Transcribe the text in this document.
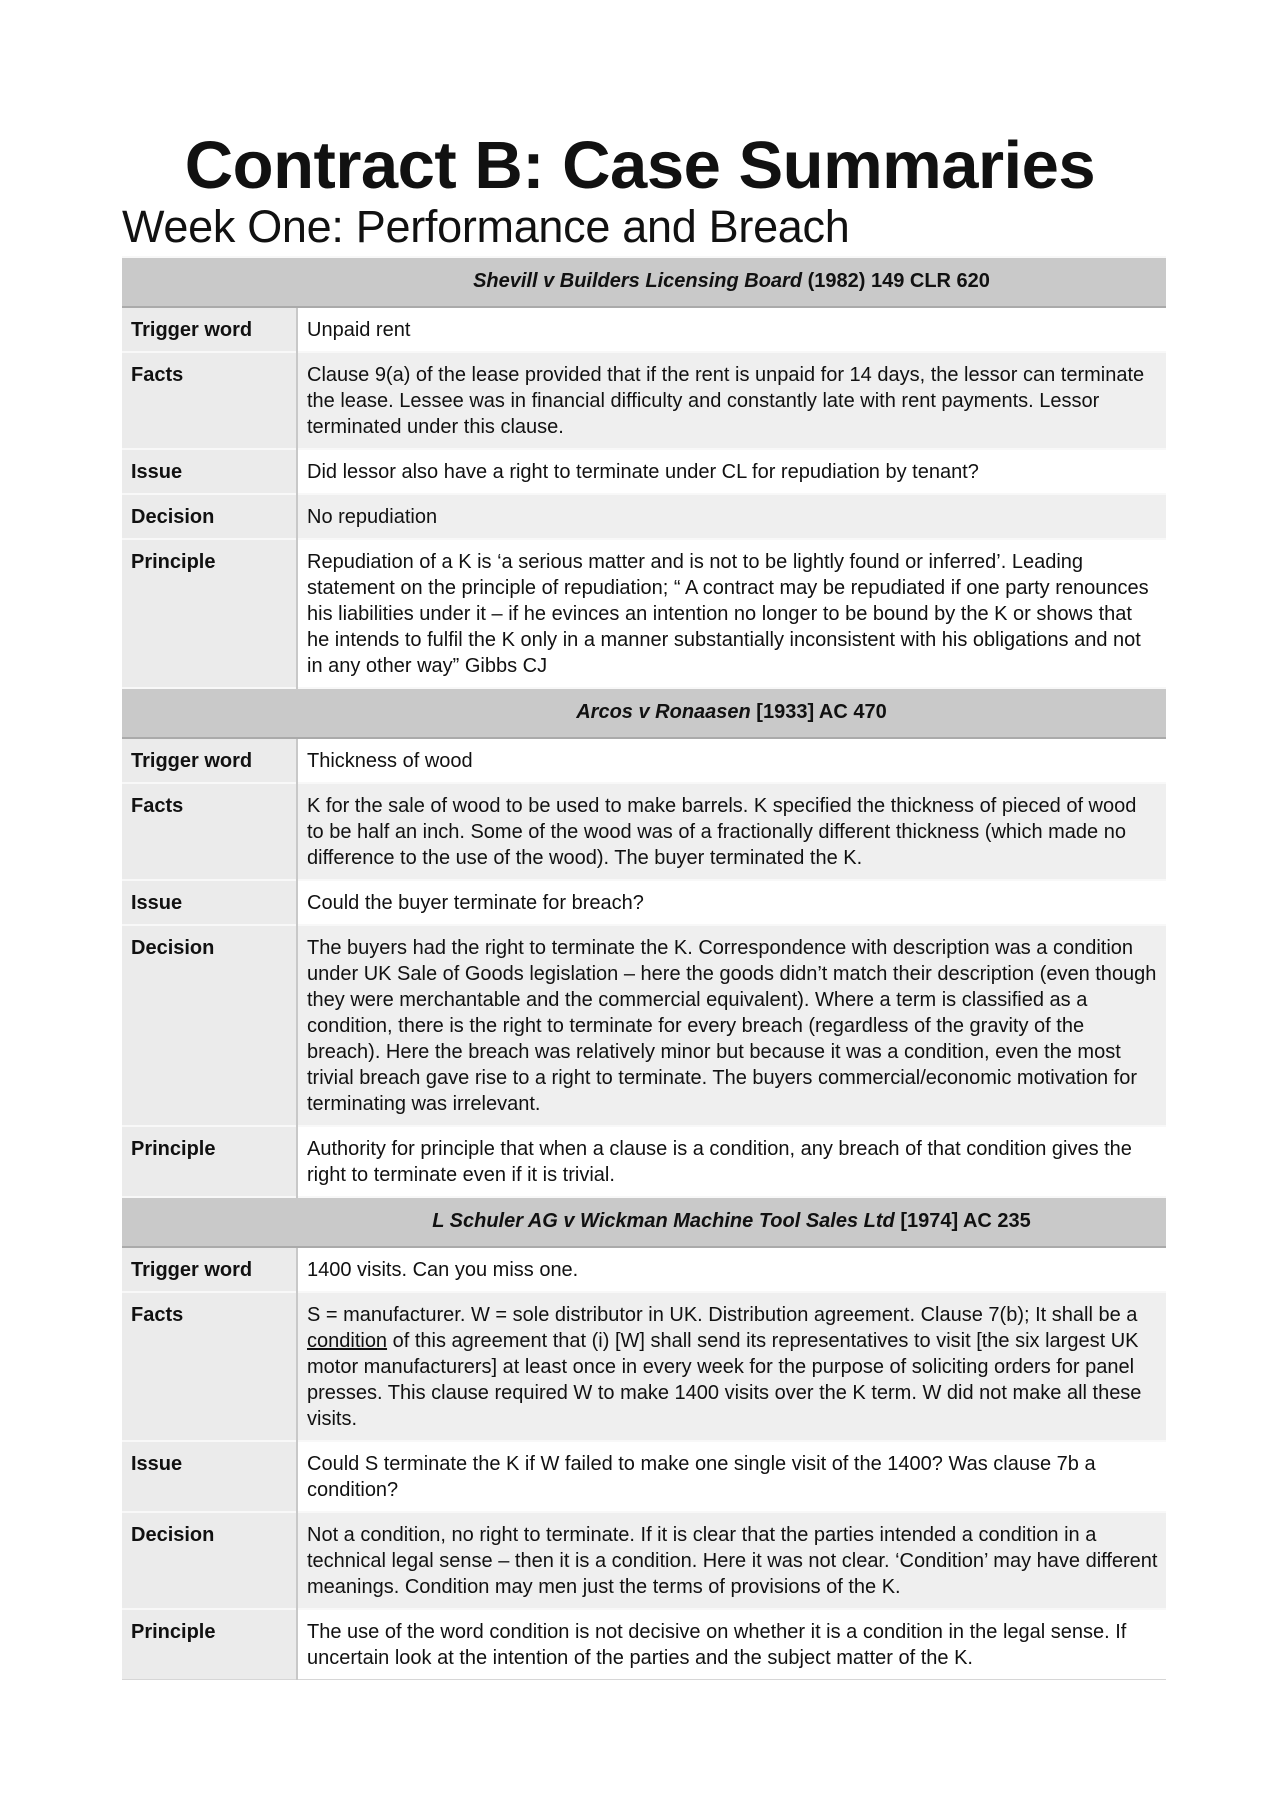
Contract B: Case Summaries
Week One: Performance and Breach
Shevill v Builders Licensing Board (1982) 149 CLR 620	
Trigger word	Unpaid rent
Facts	Clause 9(a) of the lease provided that if the rent is unpaid for 14 days, the lessor can terminate the lease. Lessee was in financial difficulty and constantly late with rent payments. Lessor terminated under this clause.
Issue	Did lessor also have a right to terminate under CL for repudiation by tenant?
Decision	No repudiation
Principle	Repudiation of a K is ‘a serious matter and is not to be lightly found or inferred’. Leading statement on the principle of repudiation; “ A contract may be repudiated if one party renounces his liabilities under it – if he evinces an intention no longer to be bound by the K or shows that he intends to fulfil the K only in a manner substantially inconsistent with his obligations and not in any other way” Gibbs CJ
Arcos v Ronaasen [1933] AC 470	
Trigger word	Thickness of wood
Facts	K for the sale of wood to be used to make barrels. K specified the thickness of pieced of wood to be half an inch. Some of the wood was of a fractionally different thickness (which made no difference to the use of the wood). The buyer terminated the K.
Issue	Could the buyer terminate for breach?
Decision	The buyers had the right to terminate the K. Correspondence with description was a condition under UK Sale of Goods legislation – here the goods didn’t match their description (even though they were merchantable and the commercial equivalent). Where a term is classified as a condition, there is the right to terminate for every breach (regardless of the gravity of the breach). Here the breach was relatively minor but because it was a condition, even the most trivial breach gave rise to a right to terminate. The buyers commercial/economic motivation for terminating was irrelevant.
Principle	Authority for principle that when a clause is a condition, any breach of that condition gives the right to terminate even if it is trivial.
L Schuler AG v Wickman Machine Tool Sales Ltd [1974] AC 235	
Trigger word	1400 visits. Can you miss one.
Facts	S = manufacturer. W = sole distributor in UK. Distribution agreement. Clause 7(b); It shall be a condition of this agreement that (i) [W] shall send its representatives to visit [the six largest UK motor manufacturers] at least once in every week for the purpose of soliciting orders for panel presses. This clause required W to make 1400 visits over the K term. W did not make all these visits.
Issue	Could S terminate the K if W failed to make one single visit of the 1400? Was clause 7b a condition?
Decision	Not a condition, no right to terminate. If it is clear that the parties intended a condition in a technical legal sense – then it is a condition. Here it was not clear. ‘Condition’ may have different meanings. Condition may men just the terms of provisions of the K.
Principle	The use of the word condition is not decisive on whether it is a condition in the legal sense. If uncertain look at the intention of the parties and the subject matter of the K.
